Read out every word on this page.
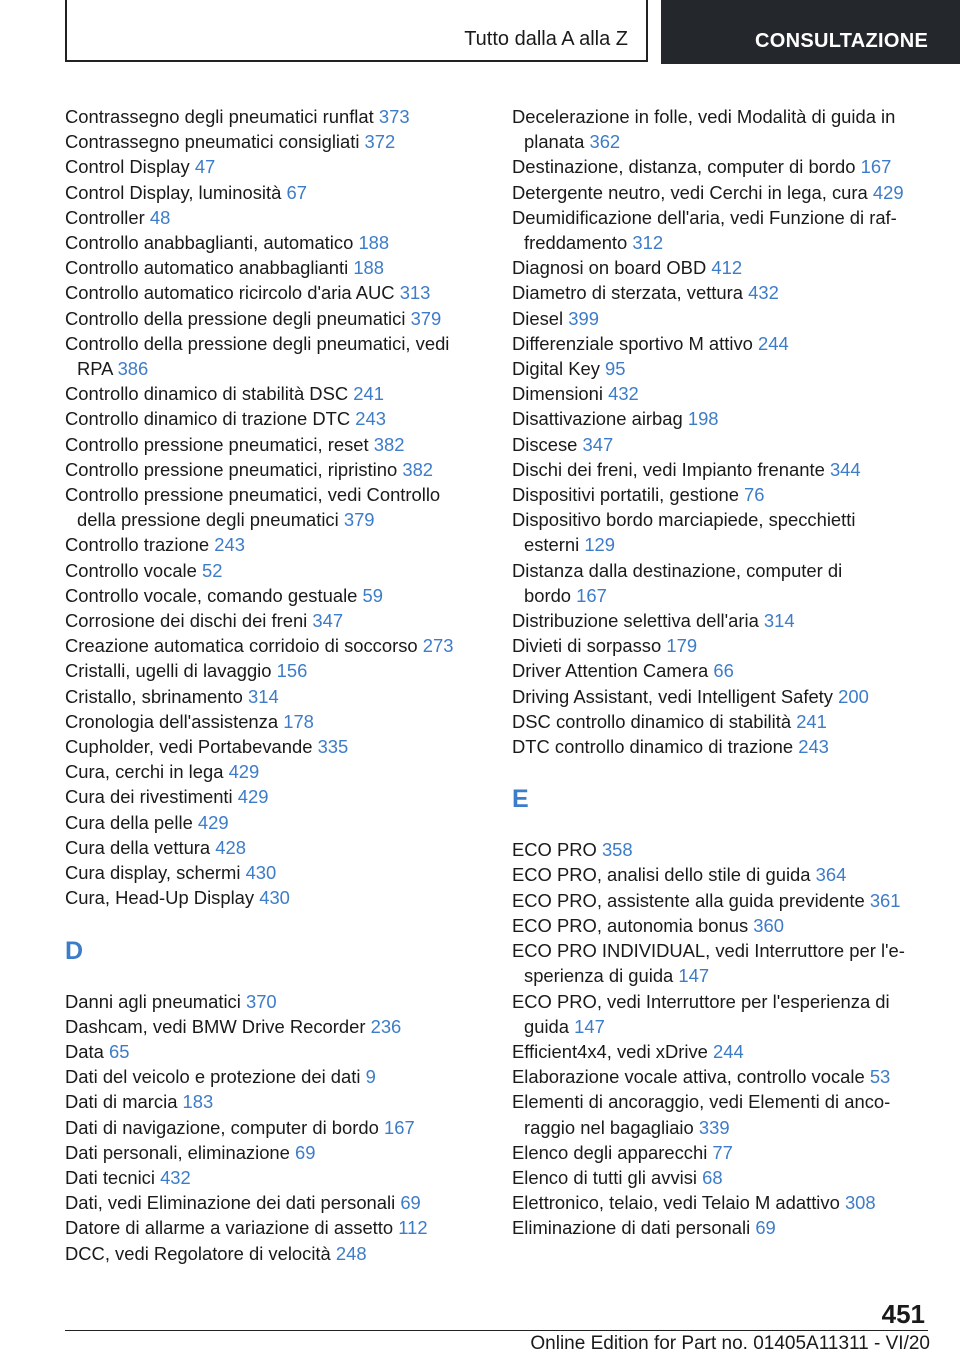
Tutto dalla A alla Z	CONSULTAZIONE
Contrassegno degli pneumatici runflat 373
Contrassegno pneumatici consigliati 372
Control Display 47
Control Display, luminosità 67
Controller 48
Controllo anabbaglianti, automatico 188
Controllo automatico anabbaglianti 188
Controllo automatico ricircolo d'aria AUC 313
Controllo della pressione degli pneumatici 379
Controllo della pressione degli pneumatici, vedi
RPA 386
Controllo dinamico di stabilità DSC 241
Controllo dinamico di trazione DTC 243
Controllo pressione pneumatici, reset 382
Controllo pressione pneumatici, ripristino 382
Controllo pressione pneumatici, vedi Controllo
della pressione degli pneumatici 379
Controllo trazione 243
Controllo vocale 52
Controllo vocale, comando gestuale 59
Corrosione dei dischi dei freni 347
Creazione automatica corridoio di soccorso 273
Cristalli, ugelli di lavaggio 156
Cristallo, sbrinamento 314
Cronologia dell'assistenza 178
Cupholder, vedi Portabevande 335
Cura, cerchi in lega 429
Cura dei rivestimenti 429
Cura della pelle 429
Cura della vettura 428
Cura display, schermi 430
Cura, Head-Up Display 430
D
Danni agli pneumatici 370
Dashcam, vedi BMW Drive Recorder 236
Data 65
Dati del veicolo e protezione dei dati 9
Dati di marcia 183
Dati di navigazione, computer di bordo 167
Dati personali, eliminazione 69
Dati tecnici 432
Dati, vedi Eliminazione dei dati personali 69
Datore di allarme a variazione di assetto 112
DCC, vedi Regolatore di velocità 248
Decelerazione in folle, vedi Modalità di guida in
planata 362
Destinazione, distanza, computer di bordo 167
Detergente neutro, vedi Cerchi in lega, cura 429
Deumidificazione dell'aria, vedi Funzione di raf-
freddamento 312
Diagnosi on board OBD 412
Diametro di sterzata, vettura 432
Diesel 399
Differenziale sportivo M attivo 244
Digital Key 95
Dimensioni 432
Disattivazione airbag 198
Discese 347
Dischi dei freni, vedi Impianto frenante 344
Dispositivi portatili, gestione 76
Dispositivo bordo marciapiede, specchietti
esterni 129
Distanza dalla destinazione, computer di
bordo 167
Distribuzione selettiva dell'aria 314
Divieti di sorpasso 179
Driver Attention Camera 66
Driving Assistant, vedi Intelligent Safety 200
DSC controllo dinamico di stabilità 241
DTC controllo dinamico di trazione 243
E
ECO PRO 358
ECO PRO, analisi dello stile di guida 364
ECO PRO, assistente alla guida previdente 361
ECO PRO, autonomia bonus 360
ECO PRO INDIVIDUAL, vedi Interruttore per l'e-
sperienza di guida 147
ECO PRO, vedi Interruttore per l'esperienza di
guida 147
Efficient4x4, vedi xDrive 244
Elaborazione vocale attiva, controllo vocale 53
Elementi di ancoraggio, vedi Elementi di anco-
raggio nel bagagliaio 339
Elenco degli apparecchi 77
Elenco di tutti gli avvisi 68
Elettronico, telaio, vedi Telaio M adattivo 308
Eliminazione di dati personali 69
451
Online Edition for Part no. 01405A11311 - VI/20
